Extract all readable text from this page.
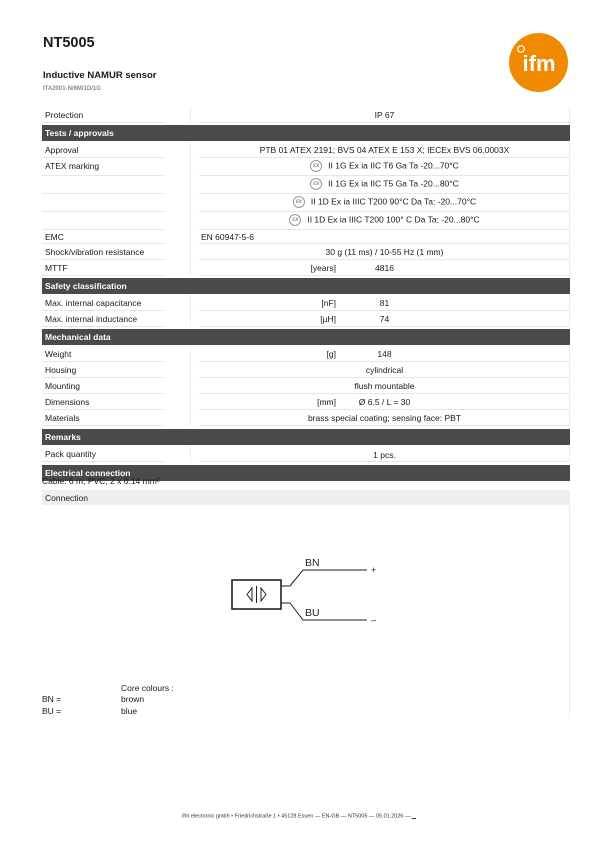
NT5005
Inductive NAMUR sensor
ITA2001-N/6M/1D/1G
ifm
Protection	IP 67
Tests / approvals
Approval	PTB 01 ATEX 2191; BVS 04 ATEX E 153 X; IECEx BVS 06.0003X
ATEX marking	εx II 1G Ex ia IIC T6 Ga Ta -20...70°C
εx II 1G Ex ia IIC T5 Ga Ta -20...80°C
εx II 1D Ex ia IIIC T200 90°C Da Ta: -20...70°C
εx II 1D Ex ia IIIC T200 100° C Da Ta: -20...80°C
EMC	EN 60947-5-6
Shock/vibration resistance	30 g (11 ms) / 10-55 Hz (1 mm)
MTTF	[years]	4816
Safety classification
Max. internal capacitance	[nF]	81
Max. internal inductance	[µH]	74
Mechanical data
Weight	[g]	148
Housing	cylindrical
Mounting	flush mountable
Dimensions	[mm]	Ø 6.5 / L = 30
Materials	brass special coating; sensing face: PBT
Remarks
Pack quantity	1 pcs.
Electrical connection
Cable: 6 m, PVC; 2 x 0.14 mm²
Connection
BN
BU
+
–
Core colours :
BN =	brown
BU =	blue
ifm electronic gmbh • Friedrichstraße 1 • 45128 Essen — EN-GB — NT5005 — 05.01.2026 —
